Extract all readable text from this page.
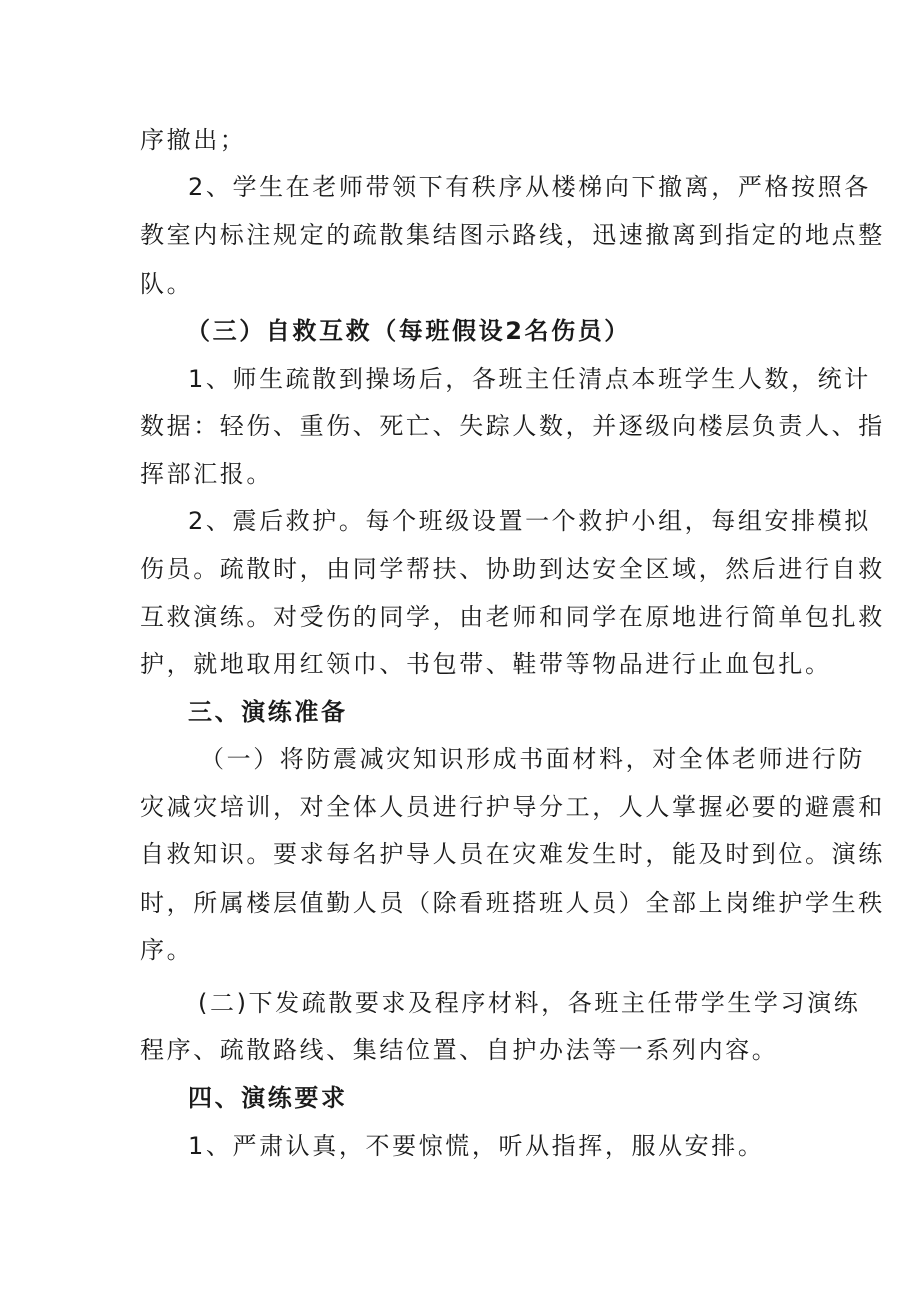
序撤出；
2、学生在老师带领下有秩序从楼梯向下撤离，严格按照各
教室内标注规定的疏散集结图示路线，迅速撤离到指定的地点整
队。
（三）自救互救（每班假设2名伤员）
1、师生疏散到操场后，各班主任清点本班学生人数，统计
数据：轻伤、重伤、死亡、失踪人数，并逐级向楼层负责人、指
挥部汇报。
2、震后救护。每个班级设置一个救护小组，每组安排模拟
伤员。疏散时，由同学帮扶、协助到达安全区域，然后进行自救
互救演练。对受伤的同学，由老师和同学在原地进行简单包扎救
护，就地取用红领巾、书包带、鞋带等物品进行止血包扎。
三、演练准备
（一）将防震减灾知识形成书面材料，对全体老师进行防
灾减灾培训，对全体人员进行护导分工，人人掌握必要的避震和
自救知识。要求每名护导人员在灾难发生时，能及时到位。演练
时，所属楼层值勤人员（除看班搭班人员）全部上岗维护学生秩
序。
(二)下发疏散要求及程序材料，各班主任带学生学习演练
程序、疏散路线、集结位置、自护办法等一系列内容。
四、演练要求
1、严肃认真，不要惊慌，听从指挥，服从安排。
